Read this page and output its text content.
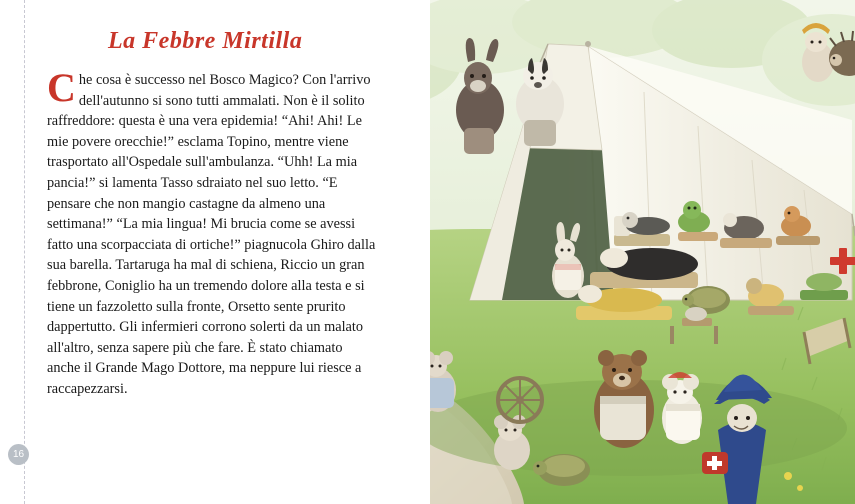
La Febbre Mirtilla
C he cosa è successo nel Bosco Magico? Con l'arrivo dell'autunno si sono tutti ammalati. Non è il solito raffreddore: questa è una vera epidemia! “Ahi! Ahi! Le mie povere orecchie!” esclama Topino, mentre viene trasportato all'Ospedale sull'ambulanza. “Uhh! La mia pancia!” si lamenta Tasso sdraiato nel suo letto. “E pensare che non mangio castagne da almeno una settimana!” “La mia lingua! Mi brucia come se avessi fatto una scorpacciata di ortiche!” piagnucola Ghiro dalla sua barella. Tartaruga ha mal di schiena, Riccio un gran febbrone, Coniglio ha un tremendo dolore alla testa e si tiene un fazzoletto sulla fronte, Orsetto sente prurito dappertutto. Gli infermieri corrono solerti da un malato all'altro, senza sapere più che fare. È stato chiamato anche il Grande Mago Dottore, ma neppure lui riesce a raccapezzarsi.

16
